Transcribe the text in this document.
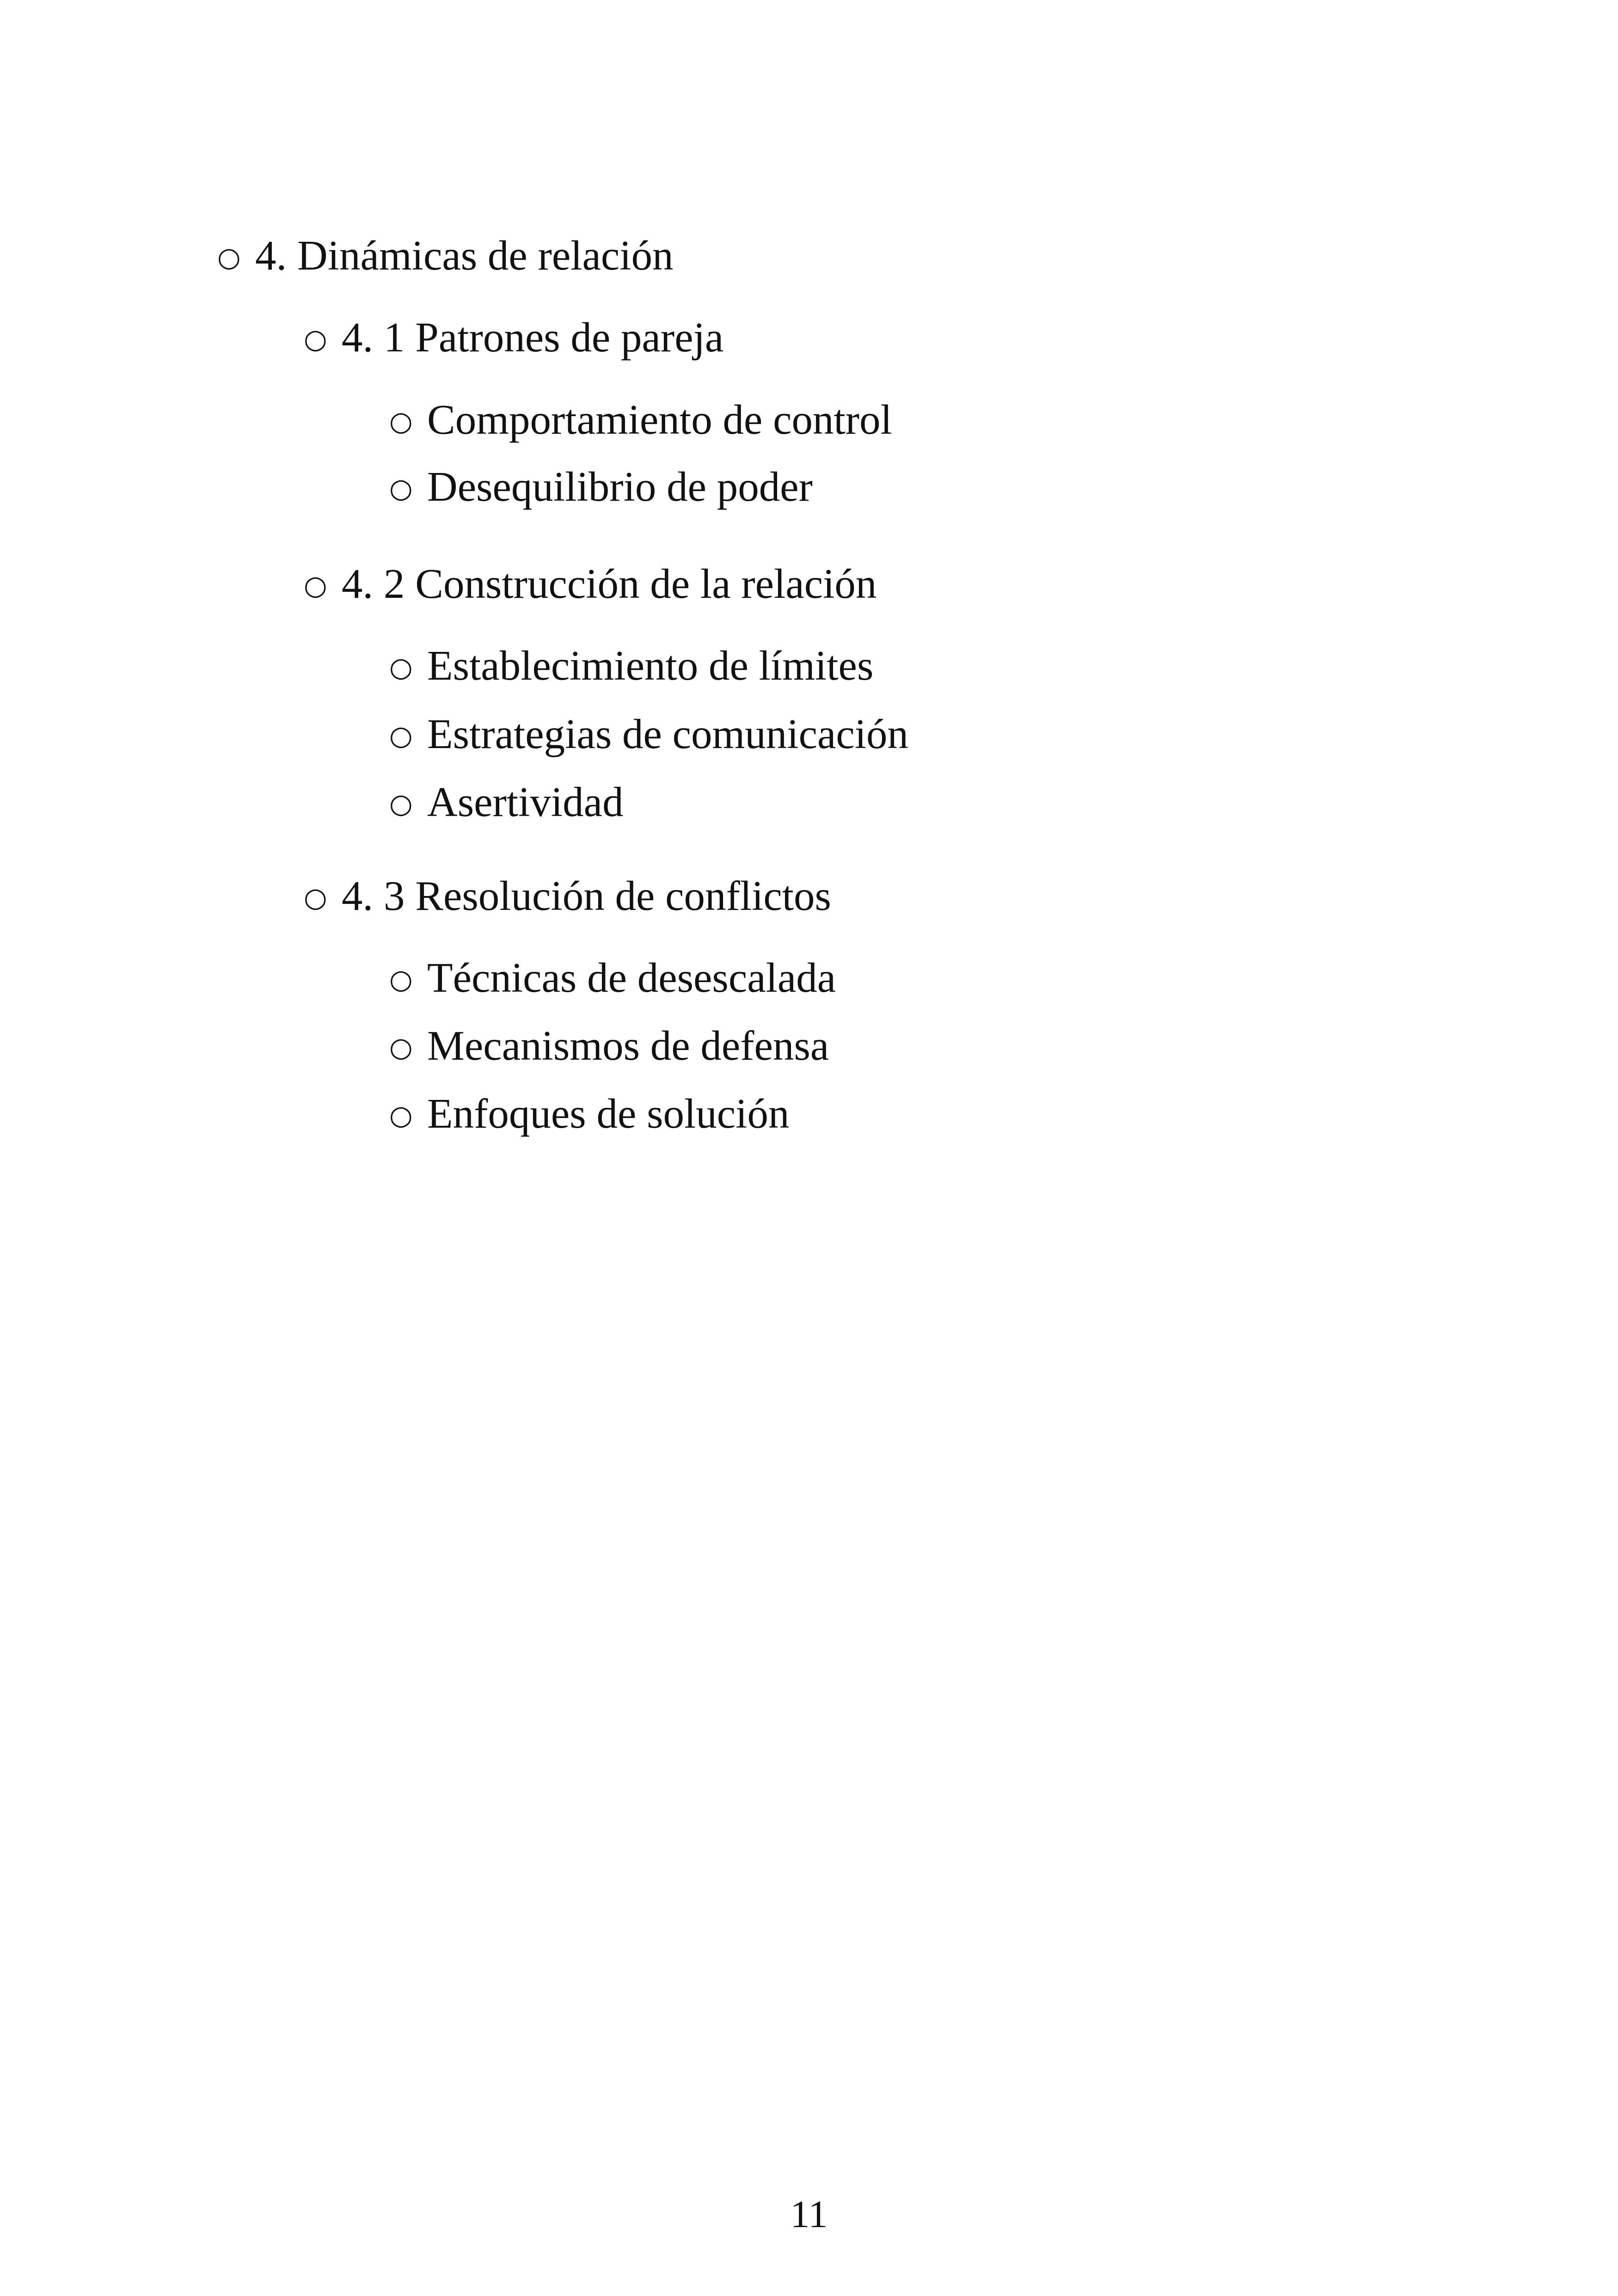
○ 4. Dinámicas de relación
○ 4. 1 Patrones de pareja
○ Comportamiento de control
○ Desequilibrio de poder
○ 4. 2 Construcción de la relación
○ Establecimiento de límites
○ Estrategias de comunicación
○ Asertividad
○ 4. 3 Resolución de conflictos
○ Técnicas de desescalada
○ Mecanismos de defensa
○ Enfoques de solución
11
